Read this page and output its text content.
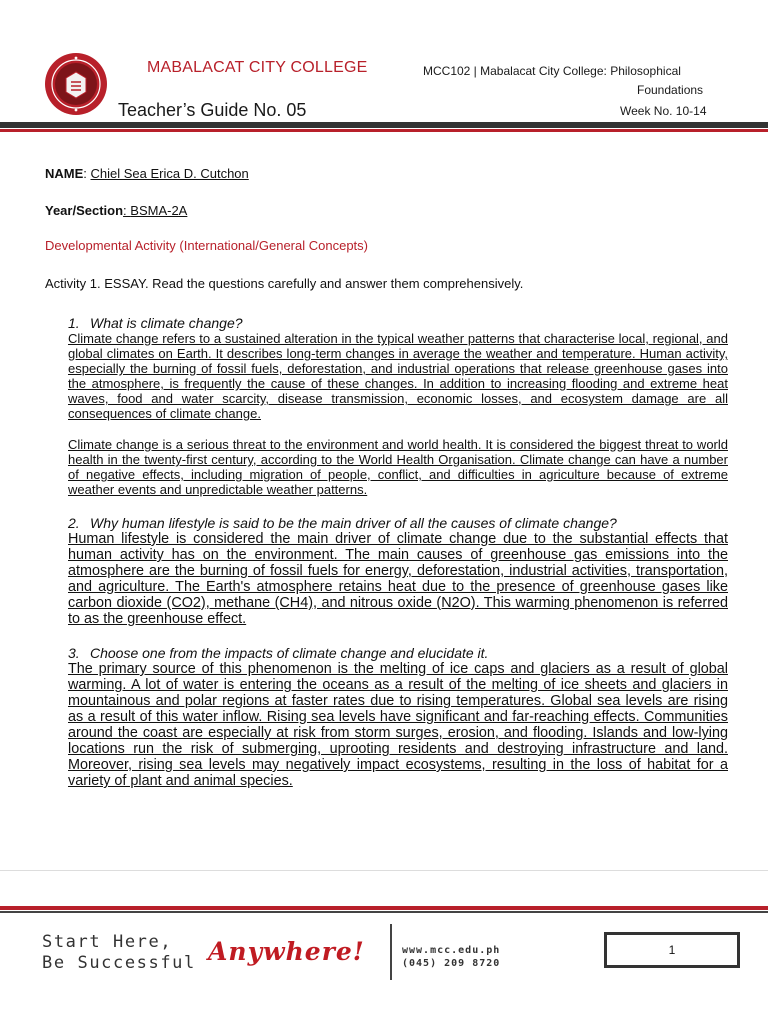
MABALACAT CITY COLLEGE
Teacher’s Guide No. 05
MCC102 | Mabalacat City College: Philosophical
Foundations
Week No. 10-14
NAME: Chiel Sea Erica D. Cutchon
Year/Section: BSMA-2A
Developmental Activity (International/General Concepts)
Activity 1. ESSAY. Read the questions carefully and answer them comprehensively.

1. What is climate change?

Climate change refers to a sustained alteration in the typical weather patterns that characterise local, regional, and global climates on Earth. It describes long-term changes in average the weather and temperature. Human activity, especially the burning of fossil fuels, deforestation, and industrial operations that release greenhouse gases into the atmosphere, is frequently the cause of these changes. In addition to increasing flooding and extreme heat waves, food and water scarcity, disease transmission, economic losses, and ecosystem damage are all consequences of climate change.

Climate change is a serious threat to the environment and world health. It is considered the biggest threat to world health in the twenty-first century, according to the World Health Organisation. Climate change can have a number of negative effects, including migration of people, conflict, and difficulties in agriculture because of extreme weather events and unpredictable weather patterns.

2. Why human lifestyle is said to be the main driver of all the causes of climate change?

Human lifestyle is considered the main driver of climate change due to the substantial effects that human activity has on the environment. The main causes of greenhouse gas emissions into the atmosphere are the burning of fossil fuels for energy, deforestation, industrial activities, transportation, and agriculture. The Earth's atmosphere retains heat due to the presence of greenhouse gases like carbon dioxide (CO2), methane (CH4), and nitrous oxide (N2O). This warming phenomenon is referred to as the greenhouse effect.

3. Choose one from the impacts of climate change and elucidate it.

The primary source of this phenomenon is the melting of ice caps and glaciers as a result of global warming. A lot of water is entering the oceans as a result of the melting of ice sheets and glaciers in mountainous and polar regions at faster rates due to rising temperatures. Global sea levels are rising as a result of this water inflow. Rising sea levels have significant and far-reaching effects. Communities around the coast are especially at risk from storm surges, erosion, and flooding. Islands and low-lying locations run the risk of submerging, uprooting residents and destroying infrastructure and land. Moreover, rising sea levels may negatively impact ecosystems, resulting in the loss of habitat for a variety of plant and animal species.

Start Here,
Be Successful Anywhere!	www.mcc.edu.ph
(045) 209 8720
1
